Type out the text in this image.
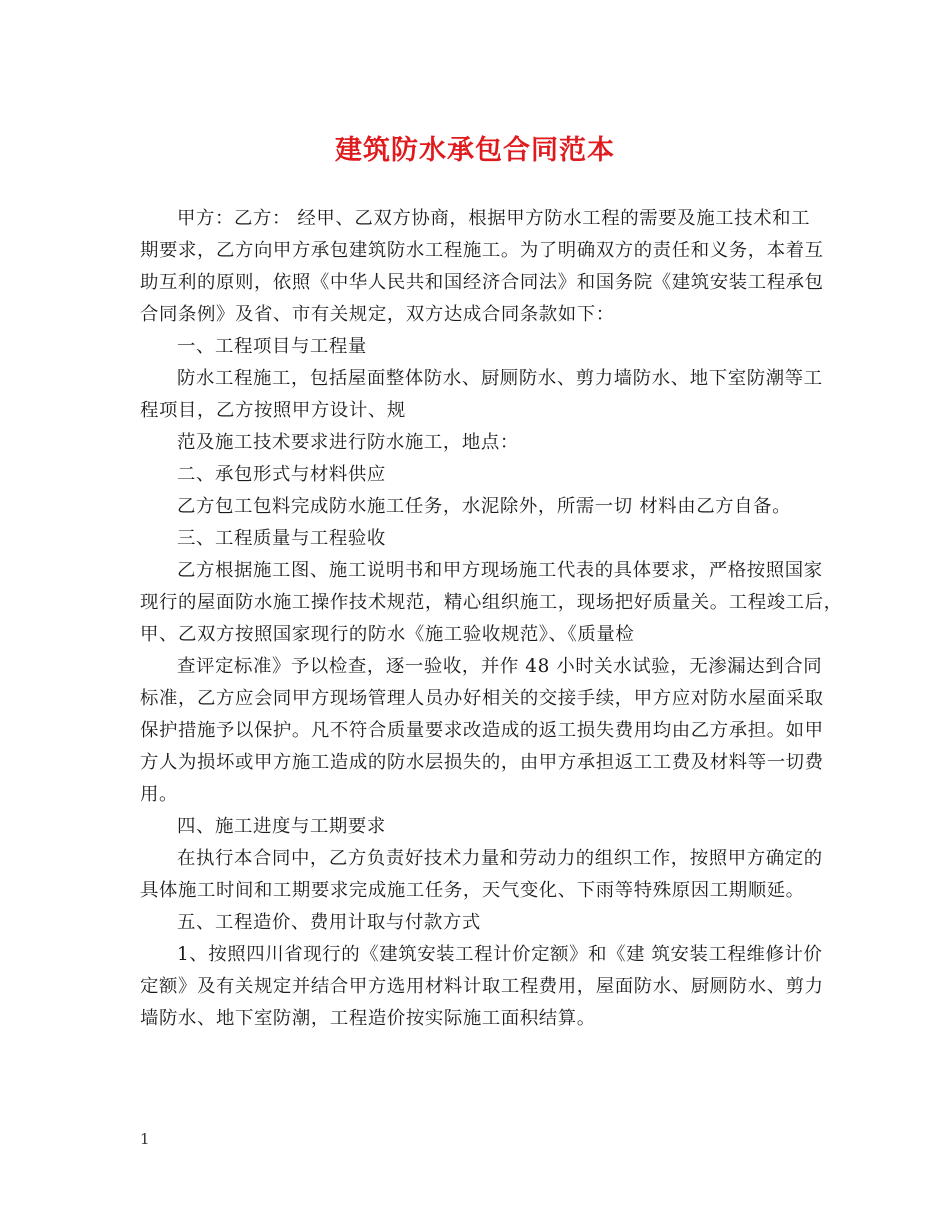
建筑防水承包合同范本

甲方：乙方： 经甲、乙双方协商，根据甲方防水工程的需要及施工技术和工

期要求，乙方向甲方承包建筑防水工程施工。为了明确双方的责任和义务，本着互

助互利的原则，依照《中华人民共和国经济合同法》和国务院《建筑安装工程承包

合同条例》及省、市有关规定，双方达成合同条款如下：

一、工程项目与工程量

防水工程施工，包括屋面整体防水、厨厕防水、剪力墙防水、地下室防潮等工

程项目，乙方按照甲方设计、规

范及施工技术要求进行防水施工，地点：

二、承包形式与材料供应

乙方包工包料完成防水施工任务，水泥除外，所需一切 材料由乙方自备。

三、工程质量与工程验收

乙方根据施工图、施工说明书和甲方现场施工代表的具体要求，严格按照国家

现行的屋面防水施工操作技术规范，精心组织施工，现场把好质量关。工程竣工后，

甲、乙双方按照国家现行的防水《施工验收规范》、《质量检

查评定标准》予以检查，逐一验收，并作 48 小时关水试验，无渗漏达到合同

标准，乙方应会同甲方现场管理人员办好相关的交接手续，甲方应对防水屋面采取

保护措施予以保护。凡不符合质量要求改造成的返工损失费用均由乙方承担。如甲

方人为损坏或甲方施工造成的防水层损失的，由甲方承担返工工费及材料等一切费

用。

四、施工进度与工期要求

在执行本合同中，乙方负责好技术力量和劳动力的组织工作，按照甲方确定的

具体施工时间和工期要求完成施工任务，天气变化、下雨等特殊原因工期顺延。

五、工程造价、费用计取与付款方式

1、按照四川省现行的《建筑安装工程计价定额》和《建 筑安装工程维修计价

定额》及有关规定并结合甲方选用材料计取工程费用，屋面防水、厨厕防水、剪力

墙防水、地下室防潮，工程造价按实际施工面积结算。

1
